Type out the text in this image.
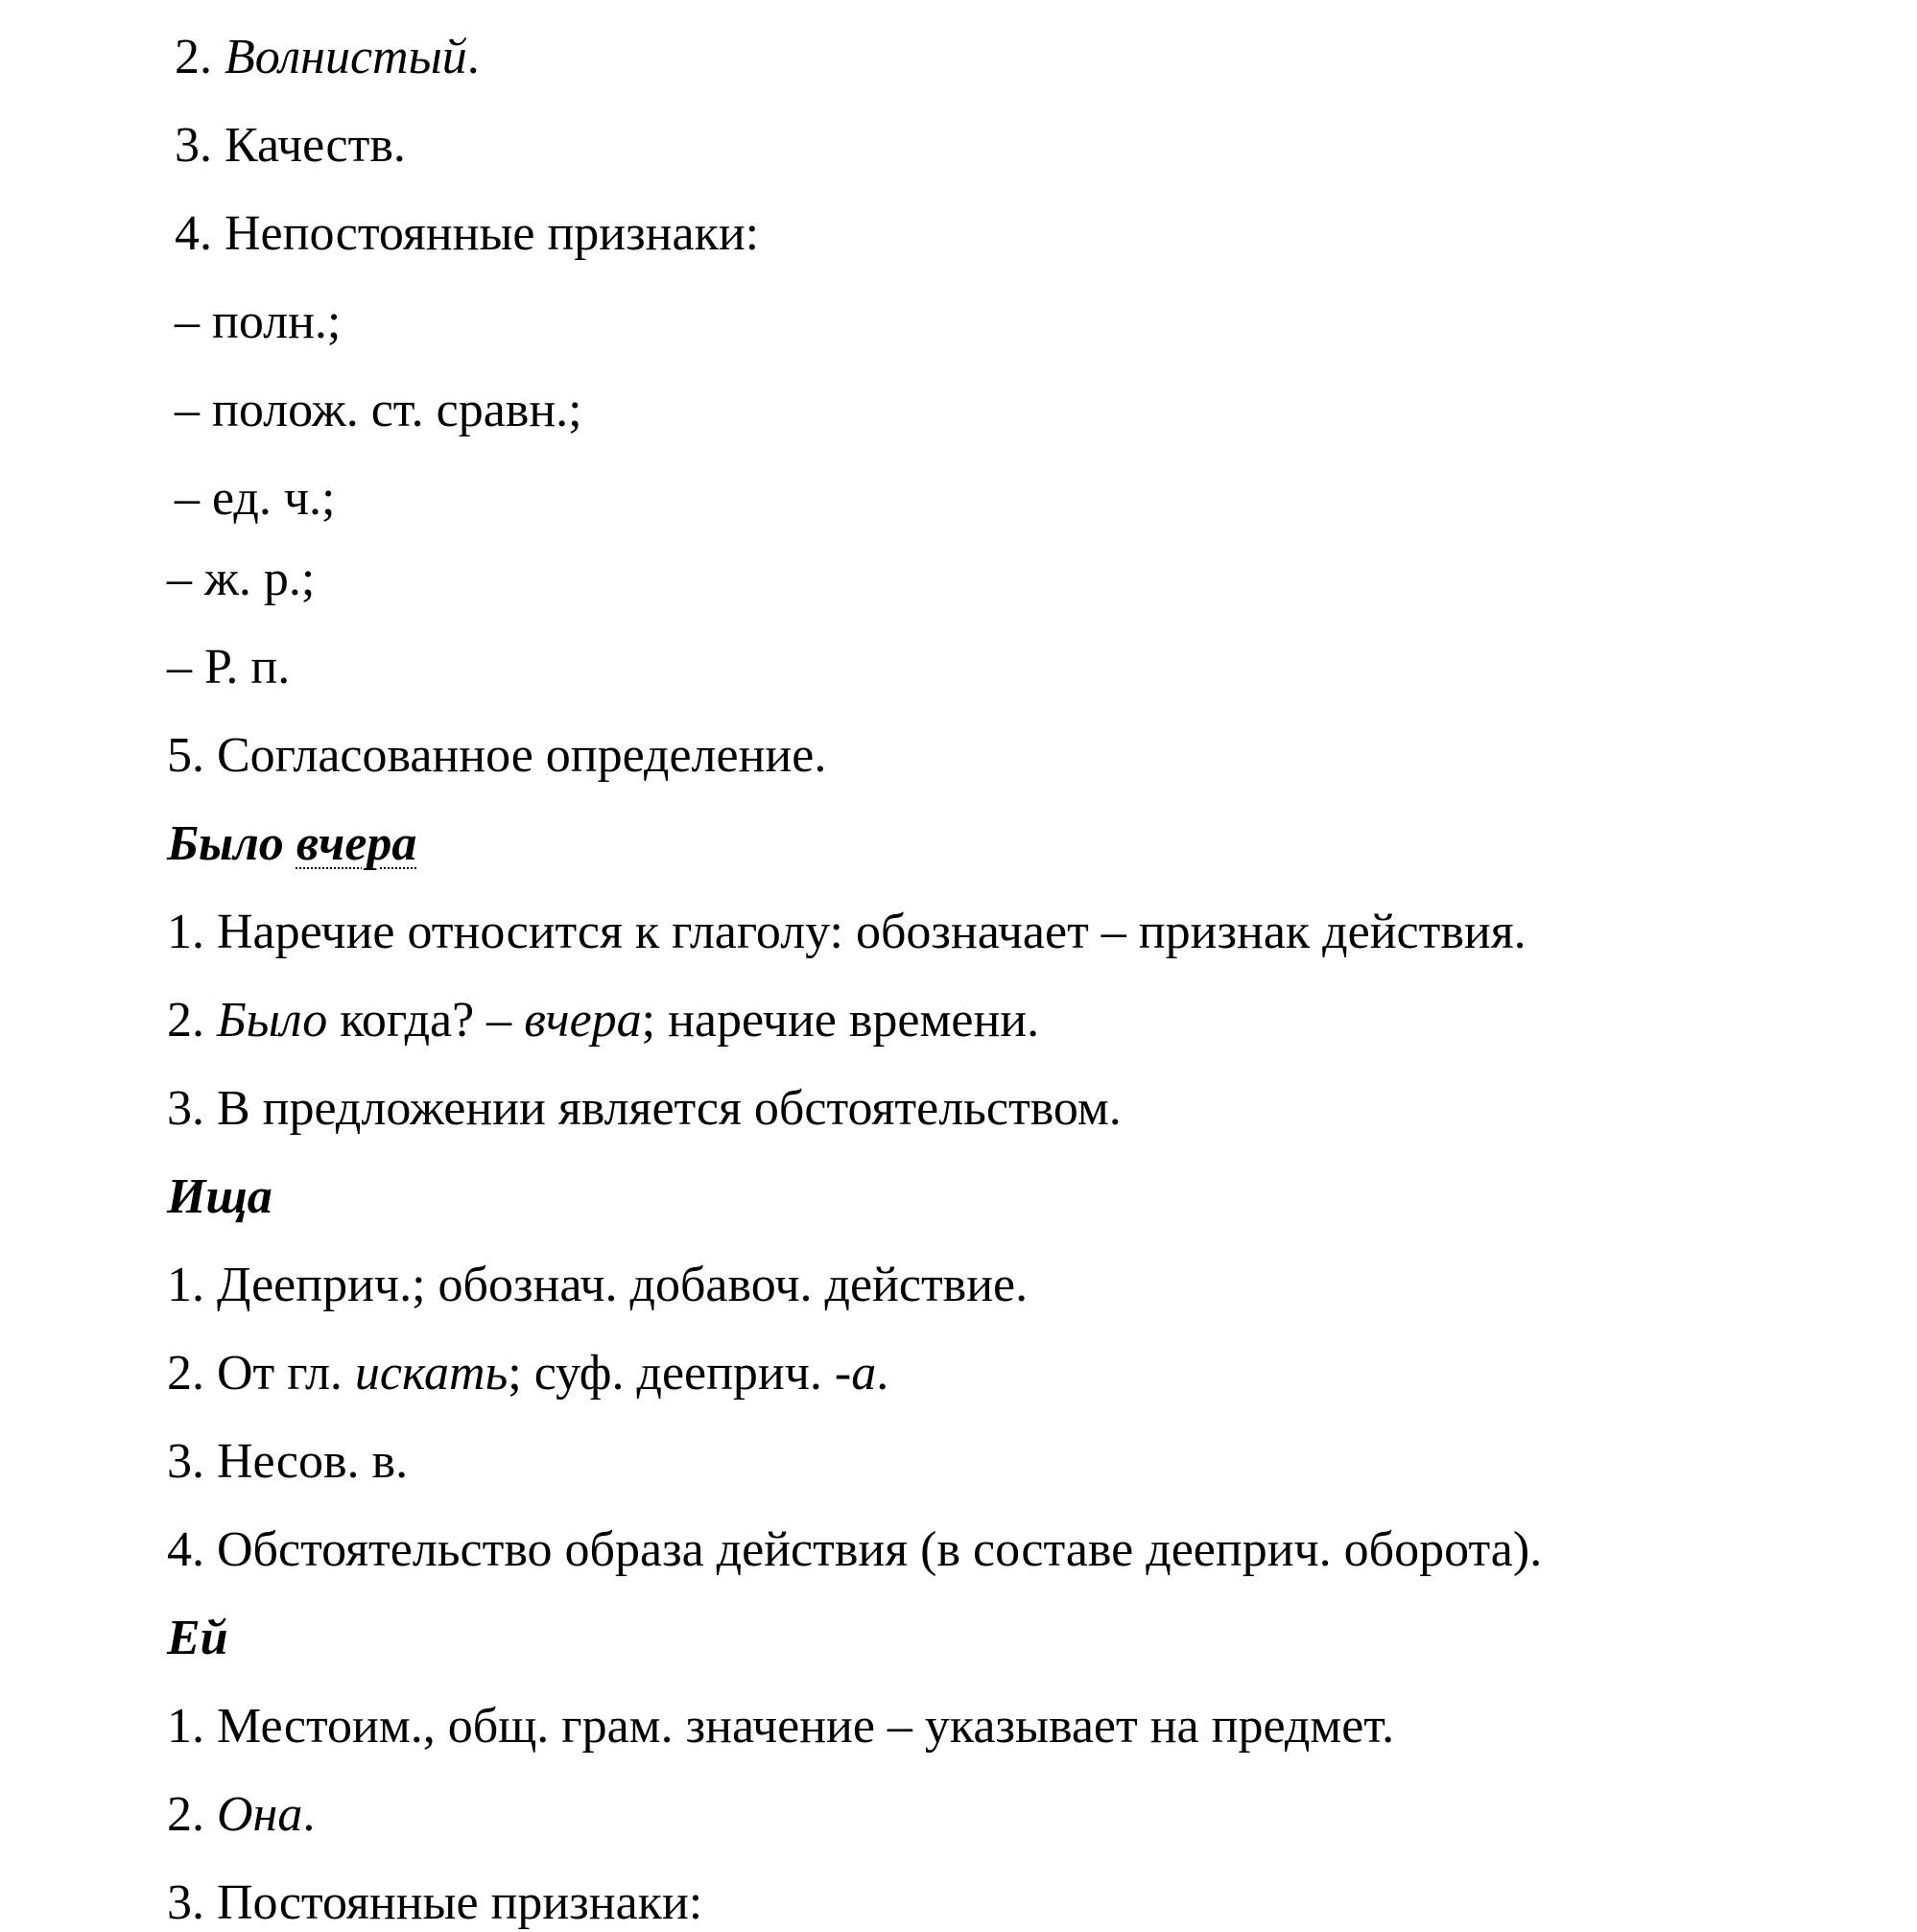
2. Волнистый.

3. Качеств.

4. Непостоянные признаки:

– полн.;

– полож. ст. сравн.;

– ед. ч.;

– ж. р.;

– Р. п.

5. Согласованное определение.

Было вчера

1. Наречие относится к глаголу: обозначает – признак действия.

2. Было когда? – вчера; наречие времени.

3. В предложении является обстоятельством.

Ища

1. Дееприч.; обознач. добавоч. действие.

2. От гл. искать; суф. дееприч. -а.

3. Несов. в.

4. Обстоятельство образа действия (в составе дееприч. оборота).

Ей

1. Местоим., общ. грам. значение – указывает на предмет.

2. Она.

3. Постоянные признаки:
